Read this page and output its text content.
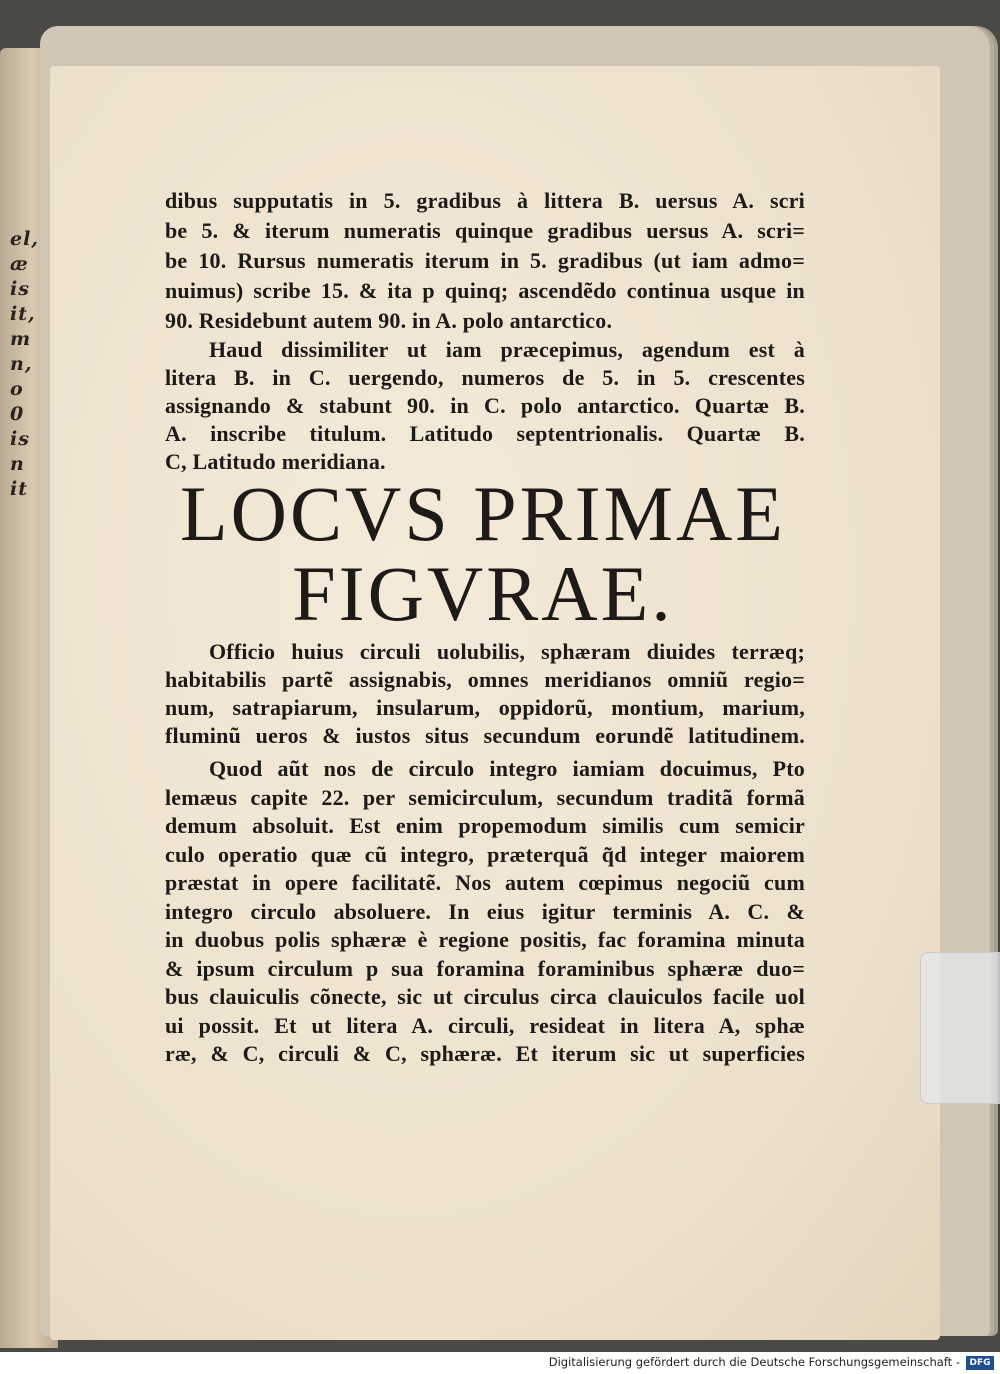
el,
æ
is
it,
m
n,
o
0
is
n
it
dibus supputatis in 5. gradibus à littera B. uersus A. scri
be 5. & iterum numeratis quinque gradibus uersus A. scri=
be 10. Rursus numeratis iterum in 5. gradibus (ut iam admo=
nuimus) scribe 15. & ita p quinq; ascendẽdo continua usque in
90. Residebunt autem 90. in A. polo antarctico.
Haud dissimiliter ut iam præcepimus, agendum est à
litera B. in C. uergendo, numeros de 5. in 5. crescentes
assignando & stabunt 90. in C. polo antarctico. Quartæ B.
A. inscribe titulum. Latitudo septentrionalis. Quartæ B.
C, Latitudo meridiana.
LOCVS PRIMAE
FIGVRAE.
Officio huius circuli uolubilis, sphæram diuides terræq;
habitabilis partẽ assignabis, omnes meridianos omniũ regio=
num, satrapiarum, insularum, oppidorũ, montium, marium,
fluminũ ueros & iustos situs secundum eorundẽ latitudinem.
Quod aũt nos de circulo integro iamiam docuimus, Pto
lemæus capite 22. per semicirculum, secundum traditã formã
demum absoluit. Est enim propemodum similis cum semicir
culo operatio quæ cũ integro, præterquã q̃d integer maiorem
præstat in opere facilitatẽ. Nos autem cœpimus negociũ cum
integro circulo absoluere. In eius igitur terminis A. C. &
in duobus polis sphæræ è regione positis, fac foramina minuta
& ipsum circulum p sua foramina foraminibus sphæræ duo=
bus clauiculis cõnecte, sic ut circulus circa clauiculos facile uol
ui possit. Et ut litera A. circuli, resideat in litera A, sphæ
ræ, & C, circuli & C, sphæræ. Et iterum sic ut superficies
Digitalisierung gefördert durch die Deutsche Forschungsgemeinschaft -	DFG
